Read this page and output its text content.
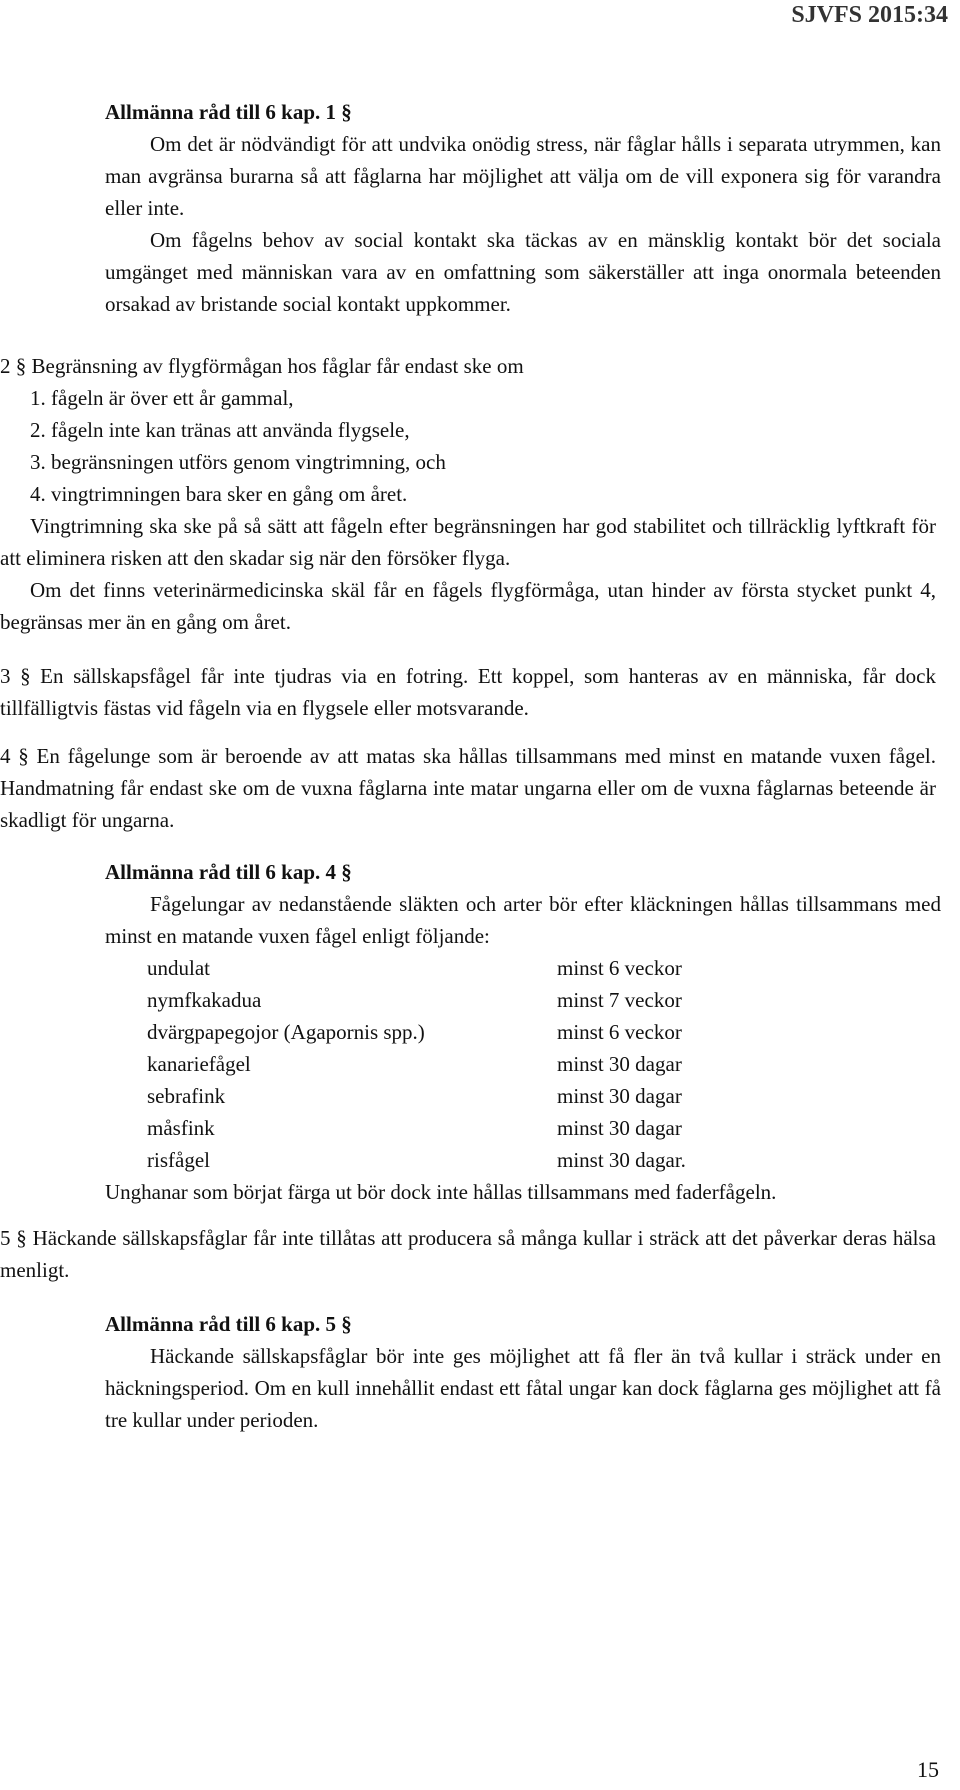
SJVFS 2015:34

Allmänna råd till 6 kap. 1 §

Om det är nödvändigt för att undvika onödig stress, när fåglar hålls i separata utrymmen, kan man avgränsa burarna så att fåglarna har möjlighet att välja om de vill exponera sig för varandra eller inte.

Om fågelns behov av social kontakt ska täckas av en mänsklig kontakt bör det sociala umgänget med människan vara av en omfattning som säkerställer att inga onormala beteenden orsakad av bristande social kontakt uppkommer.

2 § Begränsning av flygförmågan hos fåglar får endast ske om

1. fågeln är över ett år gammal,
2. fågeln inte kan tränas att använda flygsele,
3. begränsningen utförs genom vingtrimning, och
4. vingtrimningen bara sker en gång om året.

Vingtrimning ska ske på så sätt att fågeln efter begränsningen har god stabilitet och tillräcklig lyftkraft för att eliminera risken att den skadar sig när den försöker flyga.

Om det finns veterinärmedicinska skäl får en fågels flygförmåga, utan hinder av första stycket punkt 4, begränsas mer än en gång om året.

3 § En sällskapsfågel får inte tjudras via en fotring. Ett koppel, som hanteras av en människa, får dock tillfälligtvis fästas vid fågeln via en flygsele eller motsvarande.

4 § En fågelunge som är beroende av att matas ska hållas tillsammans med minst en matande vuxen fågel. Handmatning får endast ske om de vuxna fåglarna inte matar ungarna eller om de vuxna fåglarnas beteende är skadligt för ungarna.

Allmänna råd till 6 kap. 4 §

Fågelungar av nedanstående släkten och arter bör efter kläckningen hållas tillsammans med minst en matande vuxen fågel enligt följande:

undulat	minst 6 veckor
nymfkakadua	minst 7 veckor
dvärgpapegojor (Agapornis spp.)	minst 6 veckor
kanariefågel	minst 30 dagar
sebrafink	minst 30 dagar
måsfink	minst 30 dagar
risfågel	minst 30 dagar.

Unghanar som börjat färga ut bör dock inte hållas tillsammans med faderfågeln.

5 § Häckande sällskapsfåglar får inte tillåtas att producera så många kullar i sträck att det påverkar deras hälsa menligt.

Allmänna råd till 6 kap. 5 §

Häckande sällskapsfåglar bör inte ges möjlighet att få fler än två kullar i sträck under en häckningsperiod. Om en kull innehållit endast ett fåtal ungar kan dock fåglarna ges möjlighet att få tre kullar under perioden.

15
